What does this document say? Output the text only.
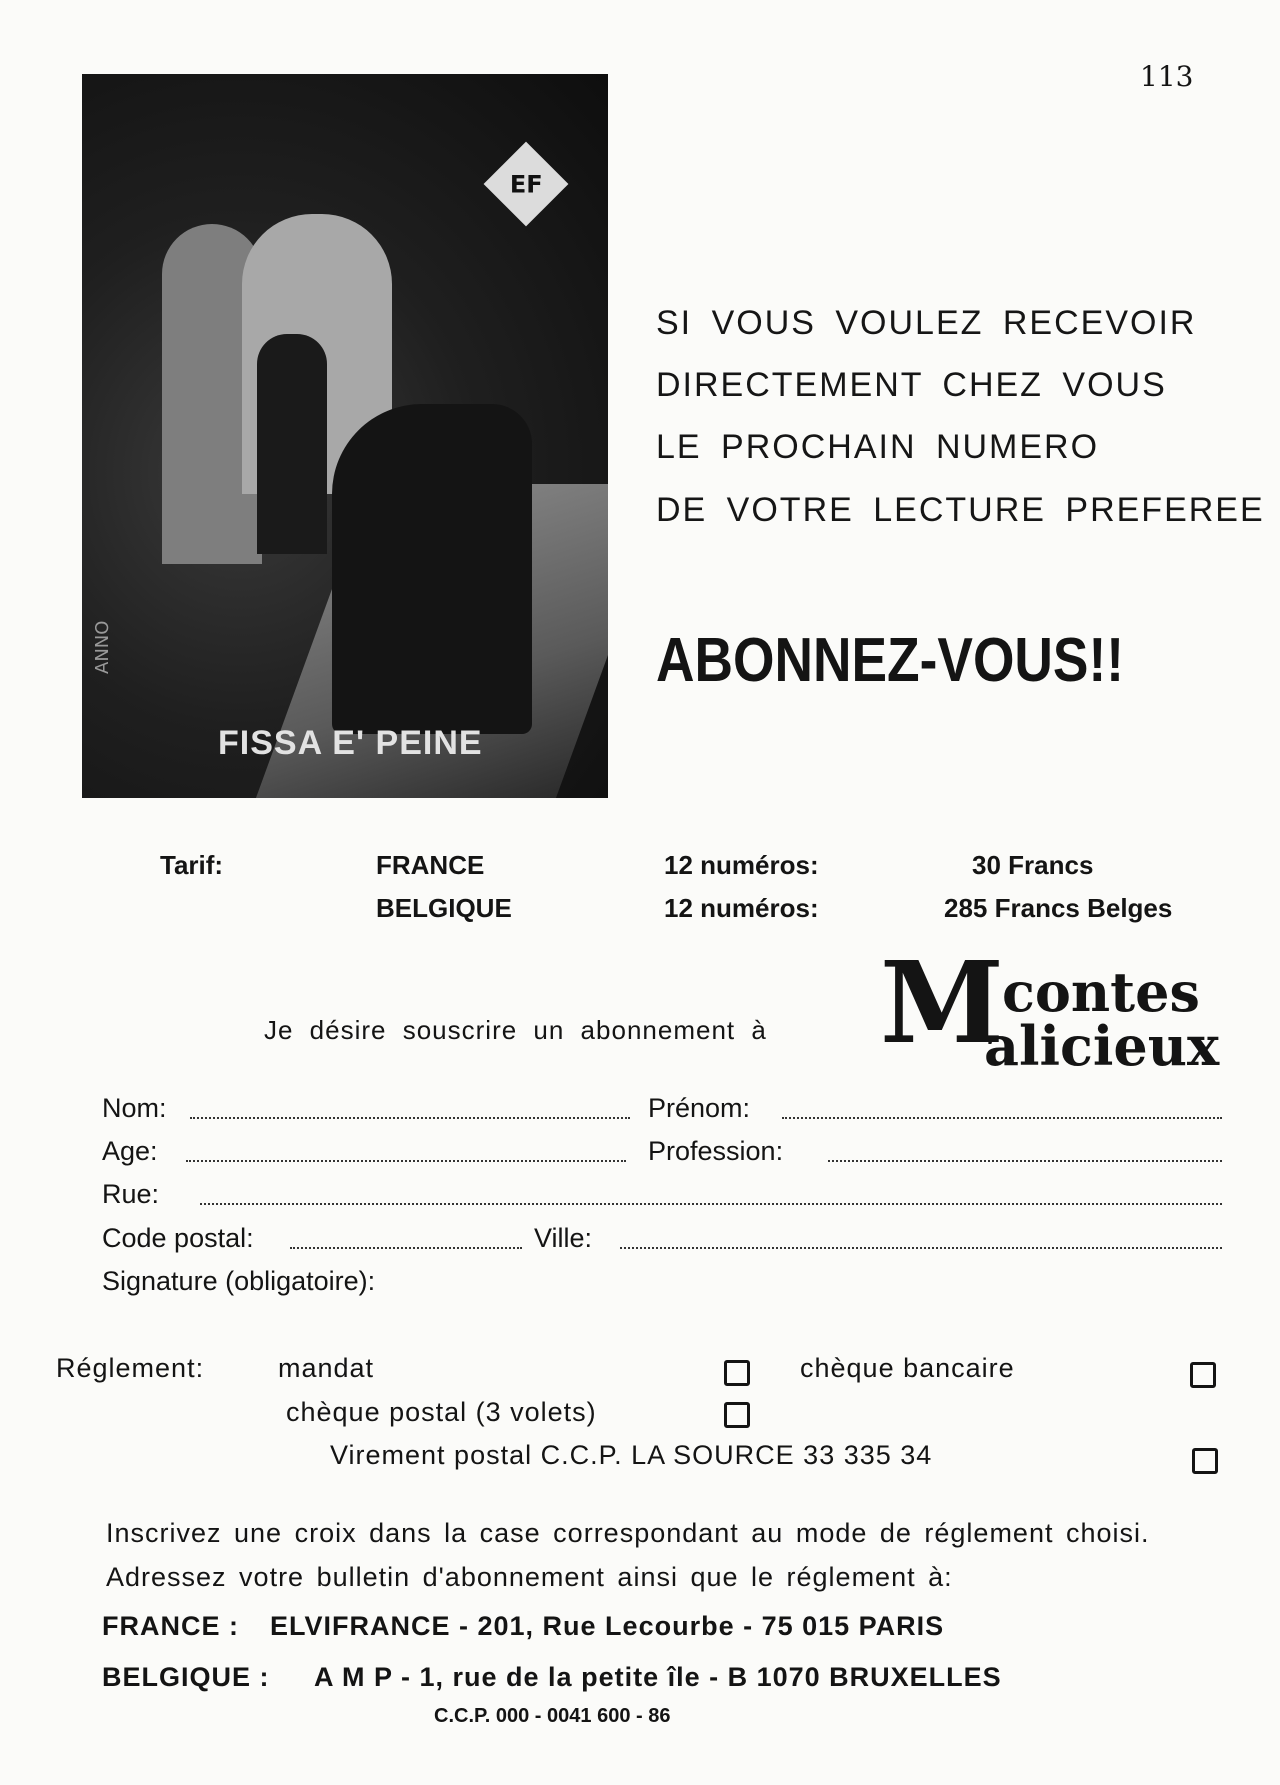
113
EF
ANNO
FISSA E' PEINE
SI VOUS VOULEZ RECEVOIR
DIRECTEMENT CHEZ VOUS
LE PROCHAIN NUMERO
DE VOTRE LECTURE PREFEREE
ABONNEZ-VOUS!!
Tarif:	FRANCE	12 numéros:	30 Francs
BELGIQUE	12 numéros:	285 Francs Belges
Je désire souscrire un abonnement à M
contes
alicieux
Nom:	Prénom:
Age:	Profession:
Rue:
Code postal:	Ville:
Signature (obligatoire):
Réglement:	mandat	chèque bancaire
chèque postal (3 volets)
Virement postal C.C.P. LA SOURCE 33 335 34
Inscrivez une croix dans la case correspondant au mode de réglement choisi.
Adressez votre bulletin d'abonnement ainsi que le réglement à:
FRANCE : ELVIFRANCE - 201, Rue Lecourbe - 75 015 PARIS
BELGIQUE : A M P - 1, rue de la petite île - B 1070 BRUXELLES
C.C.P. 000 - 0041 600 - 86
